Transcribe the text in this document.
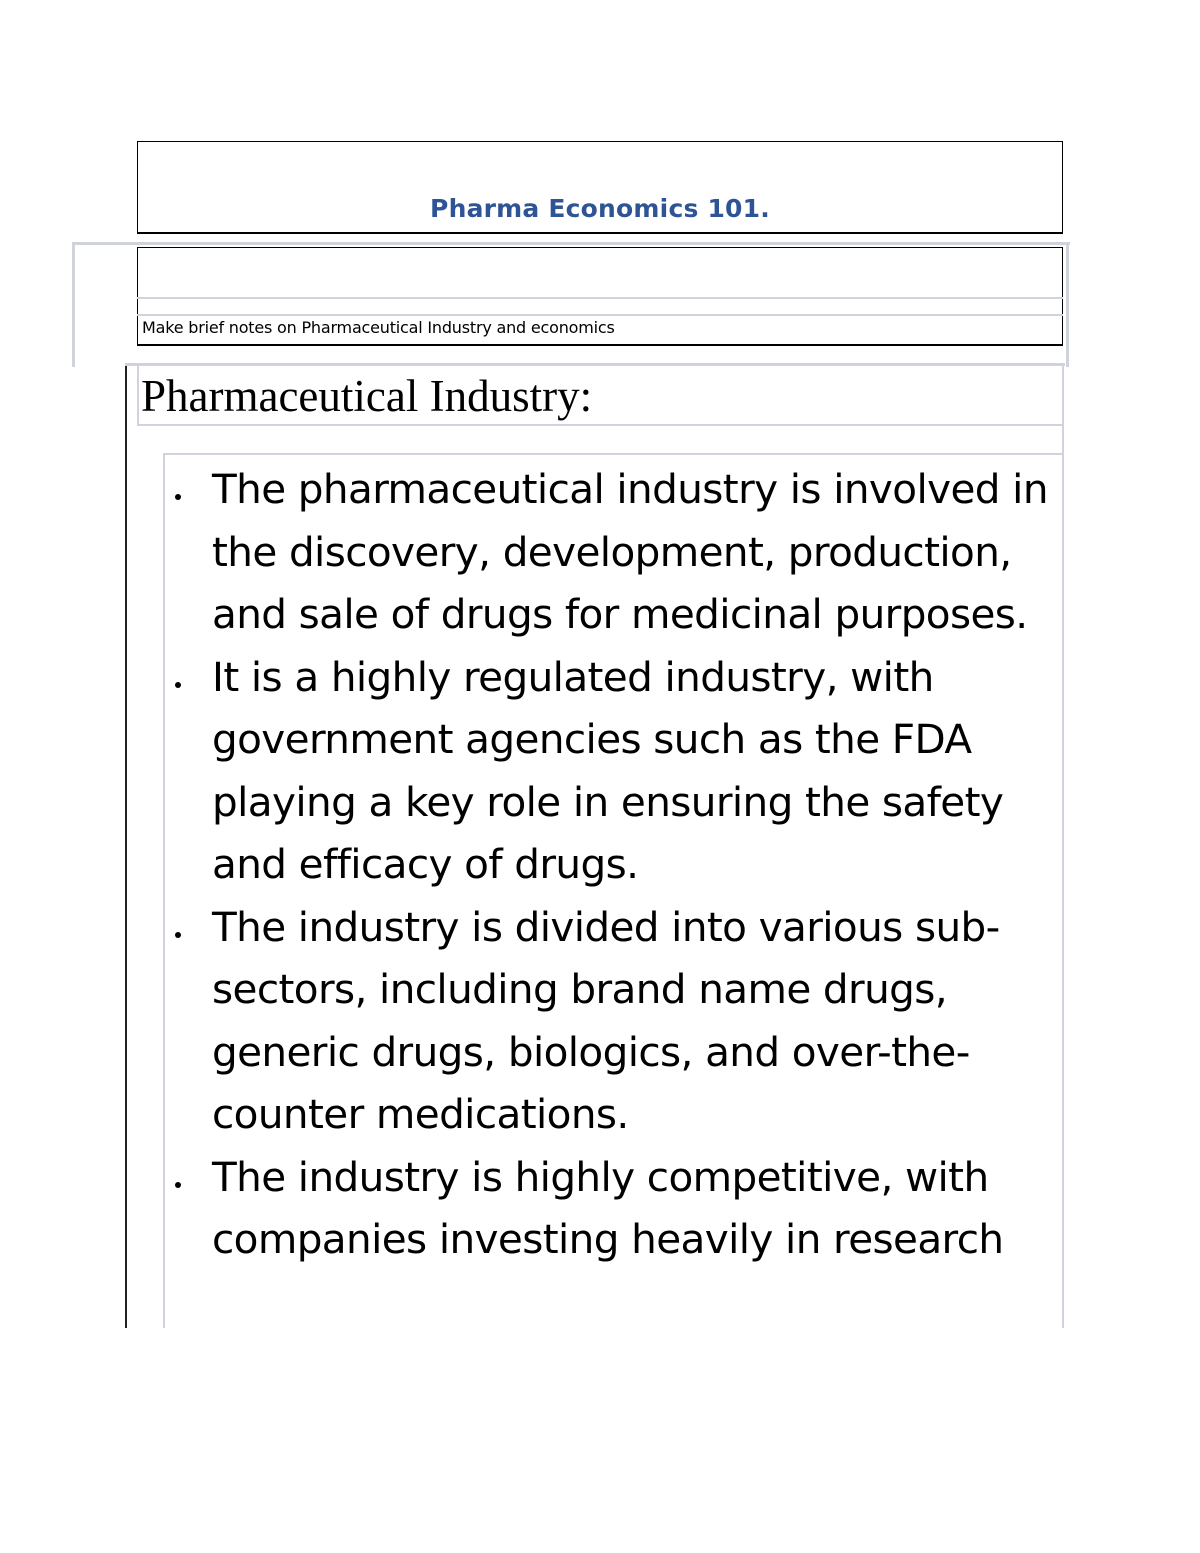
Pharma Economics 101.
Make brief notes on Pharmaceutical Industry and economics
Pharmaceutical Industry:
The pharmaceutical industry is involved in the discovery, development, production, and sale of drugs for medicinal purposes.
It is a highly regulated industry, with government agencies such as the FDA playing a key role in ensuring the safety and efficacy of drugs.
The industry is divided into various sub-sectors, including brand name drugs, generic drugs, biologics, and over-the-counter medications.
The industry is highly competitive, with companies investing heavily in research
